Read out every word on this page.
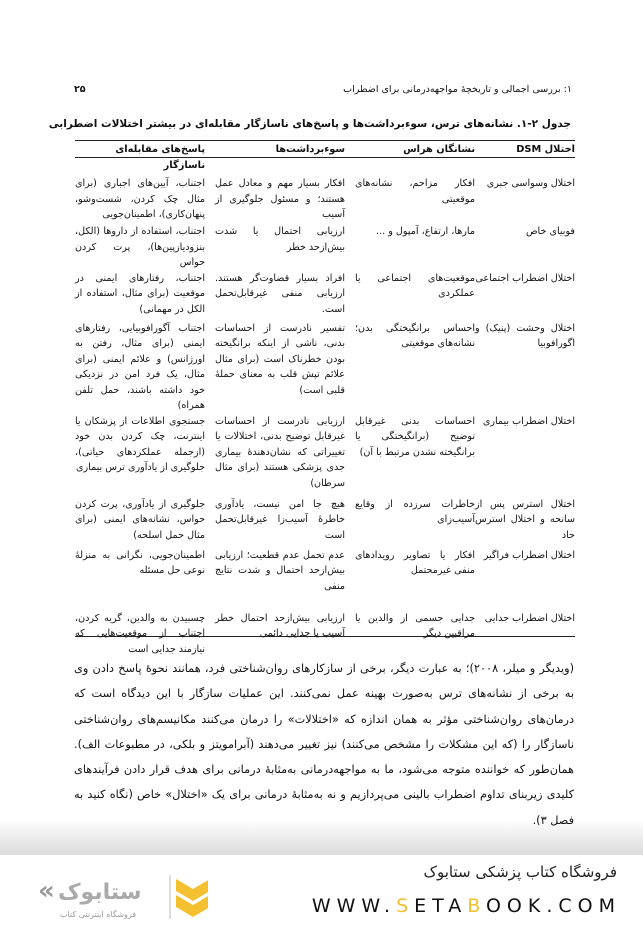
۱: بررسی اجمالی و تاریخچهٔ مواجهه‌درمانی برای اضطراب
۲۵
جدول ۲-۱. نشانه‌های ترس، سوءبرداشت‌ها و پاسخ‌های ناسازگار مقابله‌ای در بیشتر اختلالات اضطرابی
اختلال DSM	نشانگان هراس	سوءبرداشت‌ها	پاسخ‌های مقابله‌ای ناسازگار

اختلال وسواسی جبری	افکار مزاحم، نشانه‌های موقعیتی	افکار بسیار مهم و معادل عمل هستند؛ و مسئول جلوگیری از آسیب	اجتناب، آیین‌های اجباری (برای مثال چک کردن، شست‌وشو، پنهان‌کاری)، اطمینان‌جویی
فوبیای خاص	مارها، ارتفاع، آمپول و ...	ارزیابی احتمال یا شدت بیش‌ازحد خطر	اجتناب، استفاده از داروها (الکل، بنزودیازپین‌ها)، پرت کردن حواس
اختلال اضطراب اجتماعی	موقعیت‌های اجتماعی یا عملکردی	افراد بسیار قضاوت‌گر هستند. ارزیابی منفی غیرقابل‌تحمل است.	اجتناب، رفتارهای ایمنی در موقعیت (برای مثال، استفاده از الکل در مهمانی)
اختلال وحشت (پنیک) و اگورافوبیا	احساس برانگیختگی بدن؛ نشانه‌های موقعیتی	تفسیر نادرست از احساسات بدنی، ناشی از اینکه برانگیخته بودن خطرناک است (برای مثال علائم تپش قلب به معنای حملهٔ قلبی است)	اجتناب آگورافوبیایی، رفتارهای ایمنی (برای مثال، رفتن به اورژانس) و علائم ایمنی (برای مثال، یک فرد امن در نزدیکی خود داشته باشند، حمل تلفن همراه)
اختلال اضطراب بیماری	احساسات بدنی غیرقابل توضیح (برانگیختگی یا برانگیخته نشدن مرتبط با آن)	ارزیابی نادرست از احساسات غیرقابل توضیح بدنی، اختلالات یا تغییراتی که نشان‌دهندهٔ بیماری جدی پزشکی هستند (برای مثال سرطان)	جستجوی اطلاعات از پزشکان یا اینترنت، چک کردن بدن خود (ازجمله عملکردهای حیاتی)، جلوگیری از یادآوری ترس بیماری
اختلال استرس پس از سانحه و اختلال استرس حاد	خاطرات سرزده از وقایع آسیب‌زای	هیچ جا امن نیست، یادآوری خاطرهٔ آسیب‌زا غیرقابل‌تحمل است	جلوگیری از یادآوری، پرت کردن حواس، نشانه‌های ایمنی (برای مثال حمل اسلحه)
اختلال اضطراب فراگیر	افکار یا تصاویر رویدادهای منفی غیرمحتمل	عدم تحمل عدم قطعیت؛ ارزیابی بیش‌ازحد احتمال و شدت نتایج منفی	اطمینان‌جویی، نگرانی به منزلهٔ نوعی حل مسئله
اختلال اضطراب جدایی	جدایی جسمی از والدین یا مراقبین دیگر	ارزیابی بیش‌ازحد احتمال خطر آسیب یا جدایی دائمی	چسبیدن به والدین، گریه کردن، اجتناب از موقعیت‌هایی که نیازمند جدایی است
(ویدیگر و میلر، ۲۰۰۸)؛ به عبارت دیگر، برخی از سازکارهای روان‌شناختی فرد، همانند نحوهٔ پاسخ دادن وی به برخی از نشانه‌های ترس به‌صورت بهینه عمل نمی‌کنند. این عملیات سازگار با این دیدگاه است که درمان‌های روان‌شناختی مؤثر به همان اندازه که «اختلالات» را درمان می‌کنند مکانیسم‌های روان‌شناختی ناسازگار را (که این مشکلات را مشخص می‌کنند) نیز تغییر می‌دهند (آبرامویتز و بلکی، در مطبوعات الف). همان‌طور که خواننده متوجه می‌شود، ما به مواجهه‌درمانی به‌مثابهٔ درمانی برای هدف قرار دادن فرآیندهای کلیدی زیربنای تداوم اضطراب بالینی می‌پردازیم و نه به‌مثابهٔ درمانی برای یک «اختلال» خاص (نگاه کنید به فصل ۳).
« ستابوک
فروشگاه اینترنتی کتاب
فروشگاه کتاب پزشکی ستابوک
WWW.SETABOOK.COM
